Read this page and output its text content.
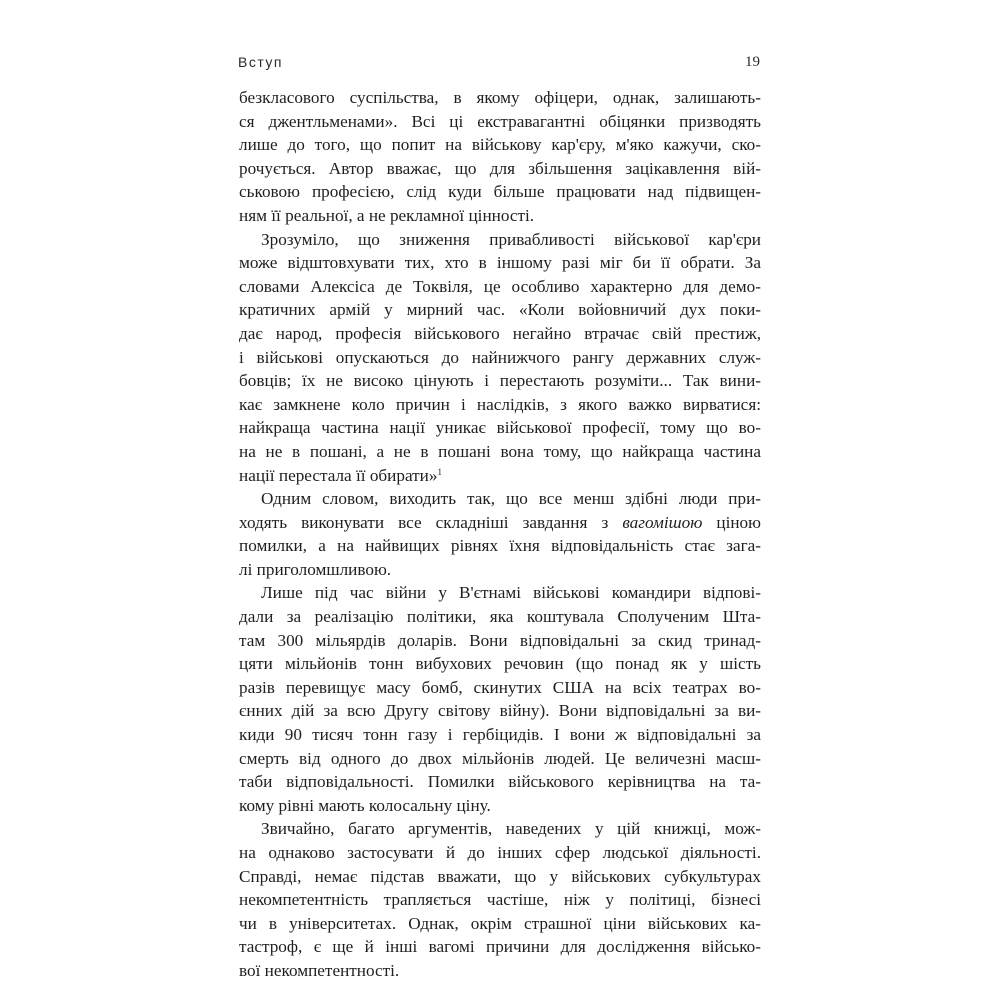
Вступ	19
безкласового суспільства, в якому офіцери, однак, залишають-
ся джентльменами». Всі ці екстравагантні обіцянки призводять
лише до того, що попит на військову кар'єру, м'яко кажучи, ско-
рочується. Автор вважає, що для збільшення зацікавлення вій-
ськовою професією, слід куди більше працювати над підвищен-
ням її реальної, а не рекламної цінності.
Зрозуміло, що зниження привабливості військової кар'єри
може відштовхувати тих, хто в іншому разі міг би її обрати. За
словами Алексіса де Токвіля, це особливо характерно для демо-
кратичних армій у мирний час. «Коли войовничий дух поки-
дає народ, професія військового негайно втрачає свій престиж,
і військові опускаються до найнижчого рангу державних служ-
бовців; їх не високо цінують і перестають розуміти... Так вини-
кає замкнене коло причин і наслідків, з якого важко вирватися:
найкраща частина нації уникає військової професії, тому що во-
на не в пошані, а не в пошані вона тому, що найкраща частина
нації перестала її обирати»$^1$
Одним словом, виходить так, що все менш здібні люди при-
ходять виконувати все складніші завдання з вагомішою ціною
помилки, а на найвищих рівнях їхня відповідальність стає зага-
лі приголомшливою.
Лише під час війни у В'єтнамі військові командири відпові-
дали за реалізацію політики, яка коштувала Сполученим Шта-
там 300 мільярдів доларів. Вони відповідальні за скид тринад-
цяти мільйонів тонн вибухових речовин (що понад як у шість
разів перевищує масу бомб, скинутих США на всіх театрах во-
єнних дій за всю Другу світову війну). Вони відповідальні за ви-
киди 90 тисяч тонн газу і гербіцидів. І вони ж відповідальні за
смерть від одного до двох мільйонів людей. Це величезні масш-
таби відповідальності. Помилки військового керівництва на та-
кому рівні мають колосальну ціну.
Звичайно, багато аргументів, наведених у цій книжці, мож-
на однаково застосувати й до інших сфер людської діяльності.
Справді, немає підстав вважати, що у військових субкультурах
некомпетентність трапляється частіше, ніж у політиці, бізнесі
чи в університетах. Однак, окрім страшної ціни військових ка-
тастроф, є ще й інші вагомі причини для дослідження військо-
вої некомпетентності.
